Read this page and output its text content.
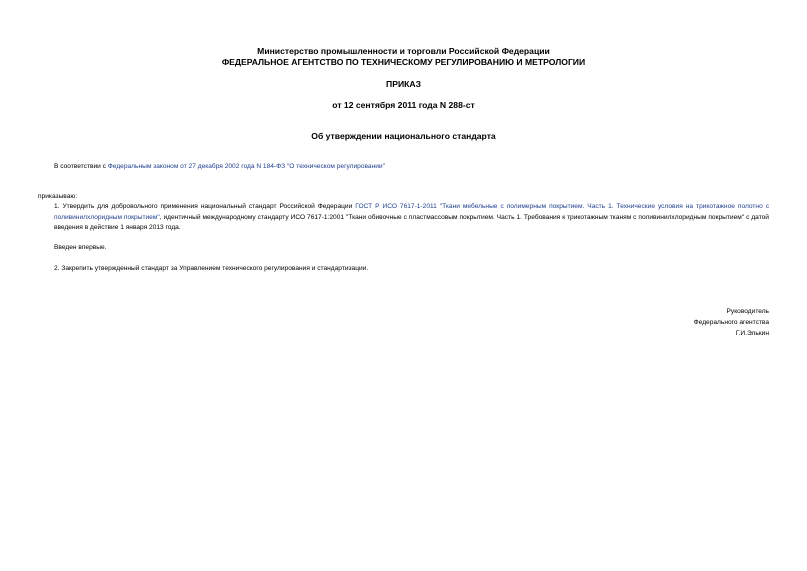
Министерство промышленности и торговли Российской Федерации
ФЕДЕРАЛЬНОЕ АГЕНТСТВО ПО ТЕХНИЧЕСКОМУ РЕГУЛИРОВАНИЮ И МЕТРОЛОГИИ
ПРИКАЗ
от 12 сентября 2011 года N 288-ст
Об утверждении национального стандарта
В соответствии с Федеральным законом от 27 декабря 2002 года N 184-ФЗ "О техническом регулировании"
приказываю:
1. Утвердить для добровольного применения национальный стандарт Российской Федерации ГОСТ Р ИСО 7617-1-2011 "Ткани мебельные с полимерным покрытием. Часть 1. Технические условия на трикотажное полотно с поливинилхлоридным покрытием", идентичный международному стандарту ИСО 7617-1:2001 "Ткани обивочные с пластмассовым покрытием. Часть 1. Требования к трикотажным тканям с поливинилхлоридным покрытием" с датой введения в действие 1 января 2013 года.
Введен впервые.
2. Закрепить утвержденный стандарт за Управлением технического регулирования и стандартизации.
Руководитель
Федерального агентства
Г.И.Элькин
